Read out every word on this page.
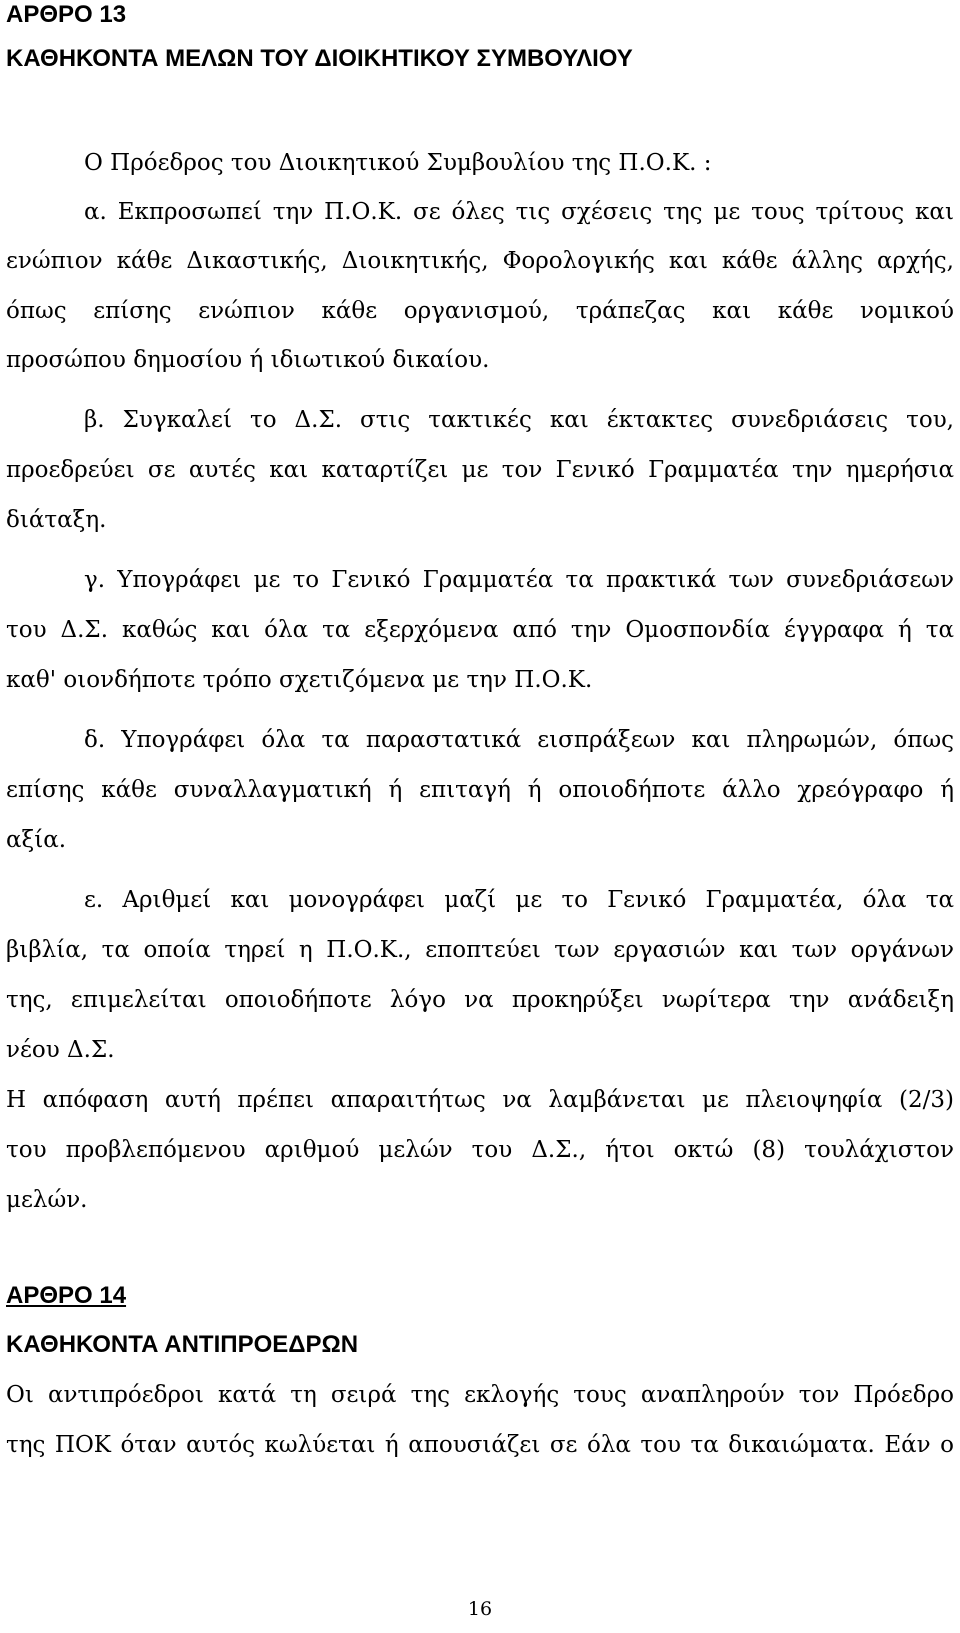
ΑΡΘΡΟ 13
ΚΑΘΗΚΟΝΤΑ ΜΕΛΩΝ ΤΟΥ ΔΙΟΙΚΗΤΙΚΟΥ ΣΥΜΒΟΥΛΙΟΥ
Ο Πρόεδρος του Διοικητικού Συμβουλίου της Π.Ο.Κ. :
α. Εκπροσωπεί την Π.Ο.Κ. σε όλες τις σχέσεις της με τους τρίτους και
ενώπιον κάθε Δικαστικής, Διοικητικής, Φορολογικής και κάθε άλλης αρχής,
όπως επίσης ενώπιον κάθε οργανισμού, τράπεζας και κάθε νομικού
προσώπου δημοσίου ή ιδιωτικού δικαίου.
β. Συγκαλεί το Δ.Σ. στις τακτικές και έκτακτες συνεδριάσεις του,
προεδρεύει σε αυτές και καταρτίζει με τον Γενικό Γραμματέα την ημερήσια
διάταξη.
γ. Υπογράφει με το Γενικό Γραμματέα τα πρακτικά των συνεδριάσεων
του Δ.Σ. καθώς και όλα τα εξερχόμενα από την Ομοσπονδία έγγραφα ή τα
καθ' οιονδήποτε τρόπο σχετιζόμενα με την Π.Ο.Κ.
δ. Υπογράφει όλα τα παραστατικά εισπράξεων και πληρωμών, όπως
επίσης κάθε συναλλαγματική ή επιταγή ή οποιοδήποτε άλλο χρεόγραφο ή
αξία.
ε. Αριθμεί και μονογράφει μαζί με το Γενικό Γραμματέα, όλα τα
βιβλία, τα οποία τηρεί η Π.Ο.Κ., εποπτεύει των εργασιών και των οργάνων
της, επιμελείται οποιοδήποτε λόγο να προκηρύξει νωρίτερα την ανάδειξη
νέου Δ.Σ.
Η απόφαση αυτή πρέπει απαραιτήτως να λαμβάνεται με πλειοψηφία (2/3)
του προβλεπόμενου αριθμού μελών του Δ.Σ., ήτοι οκτώ (8) τουλάχιστον
μελών.
ΑΡΘΡΟ 14
ΚΑΘΗΚΟΝΤΑ ΑΝΤΙΠΡΟΕΔΡΩΝ
Οι αντιπρόεδροι κατά τη σειρά της εκλογής τους αναπληρούν τον Πρόεδρο
της ΠΟΚ όταν αυτός κωλύεται ή απουσιάζει σε όλα του τα δικαιώματα. Εάν ο
16
